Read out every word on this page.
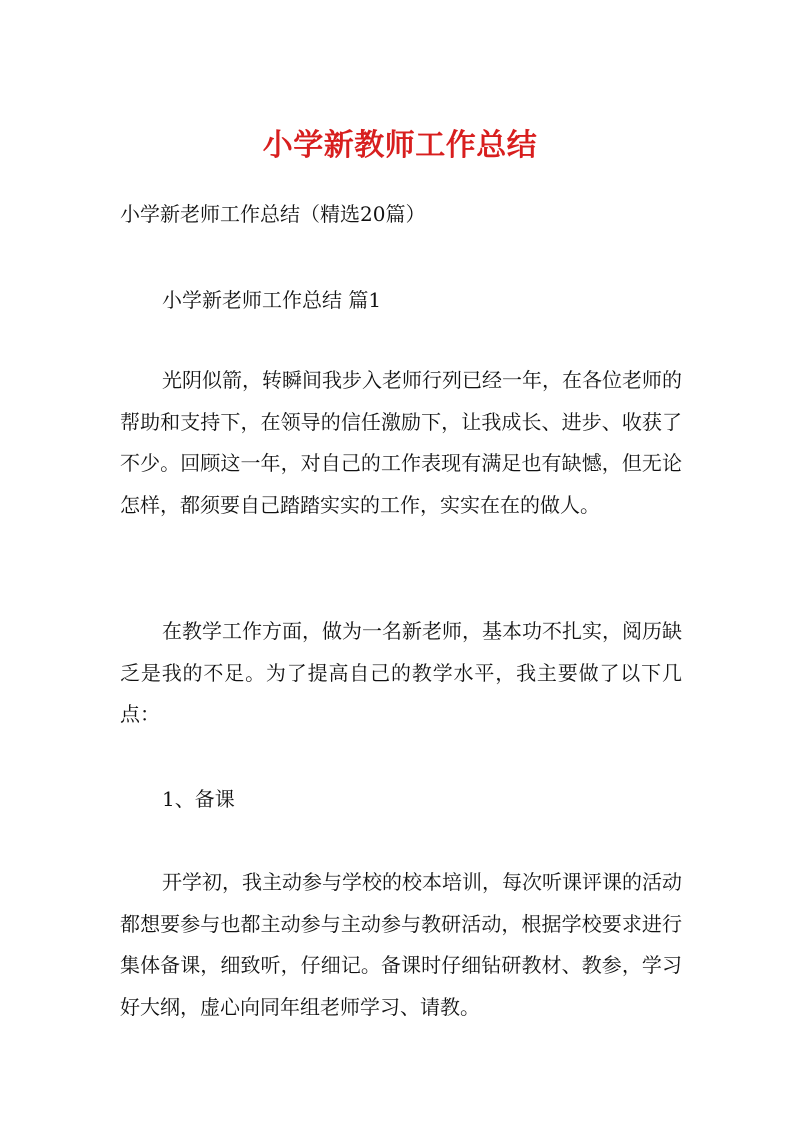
小学新教师工作总结
小学新老师工作总结（精选20篇）
小学新老师工作总结 篇1

光阴似箭，转瞬间我步入老师行列已经一年，在各位老师的帮助和支持下，在领导的信任激励下，让我成长、进步、收获了不少。回顾这一年，对自己的工作表现有满足也有缺憾，但无论怎样，都须要自己踏踏实实的工作，实实在在的做人。

在教学工作方面，做为一名新老师，基本功不扎实，阅历缺乏是我的不足。为了提高自己的教学水平，我主要做了以下几点：

1、备课

开学初，我主动参与学校的校本培训，每次听课评课的活动都想要参与也都主动参与主动参与教研活动，根据学校要求进行集体备课，细致听，仔细记。备课时仔细钻研教材、教参，学习好大纲，虚心向同年组老师学习、请教。
